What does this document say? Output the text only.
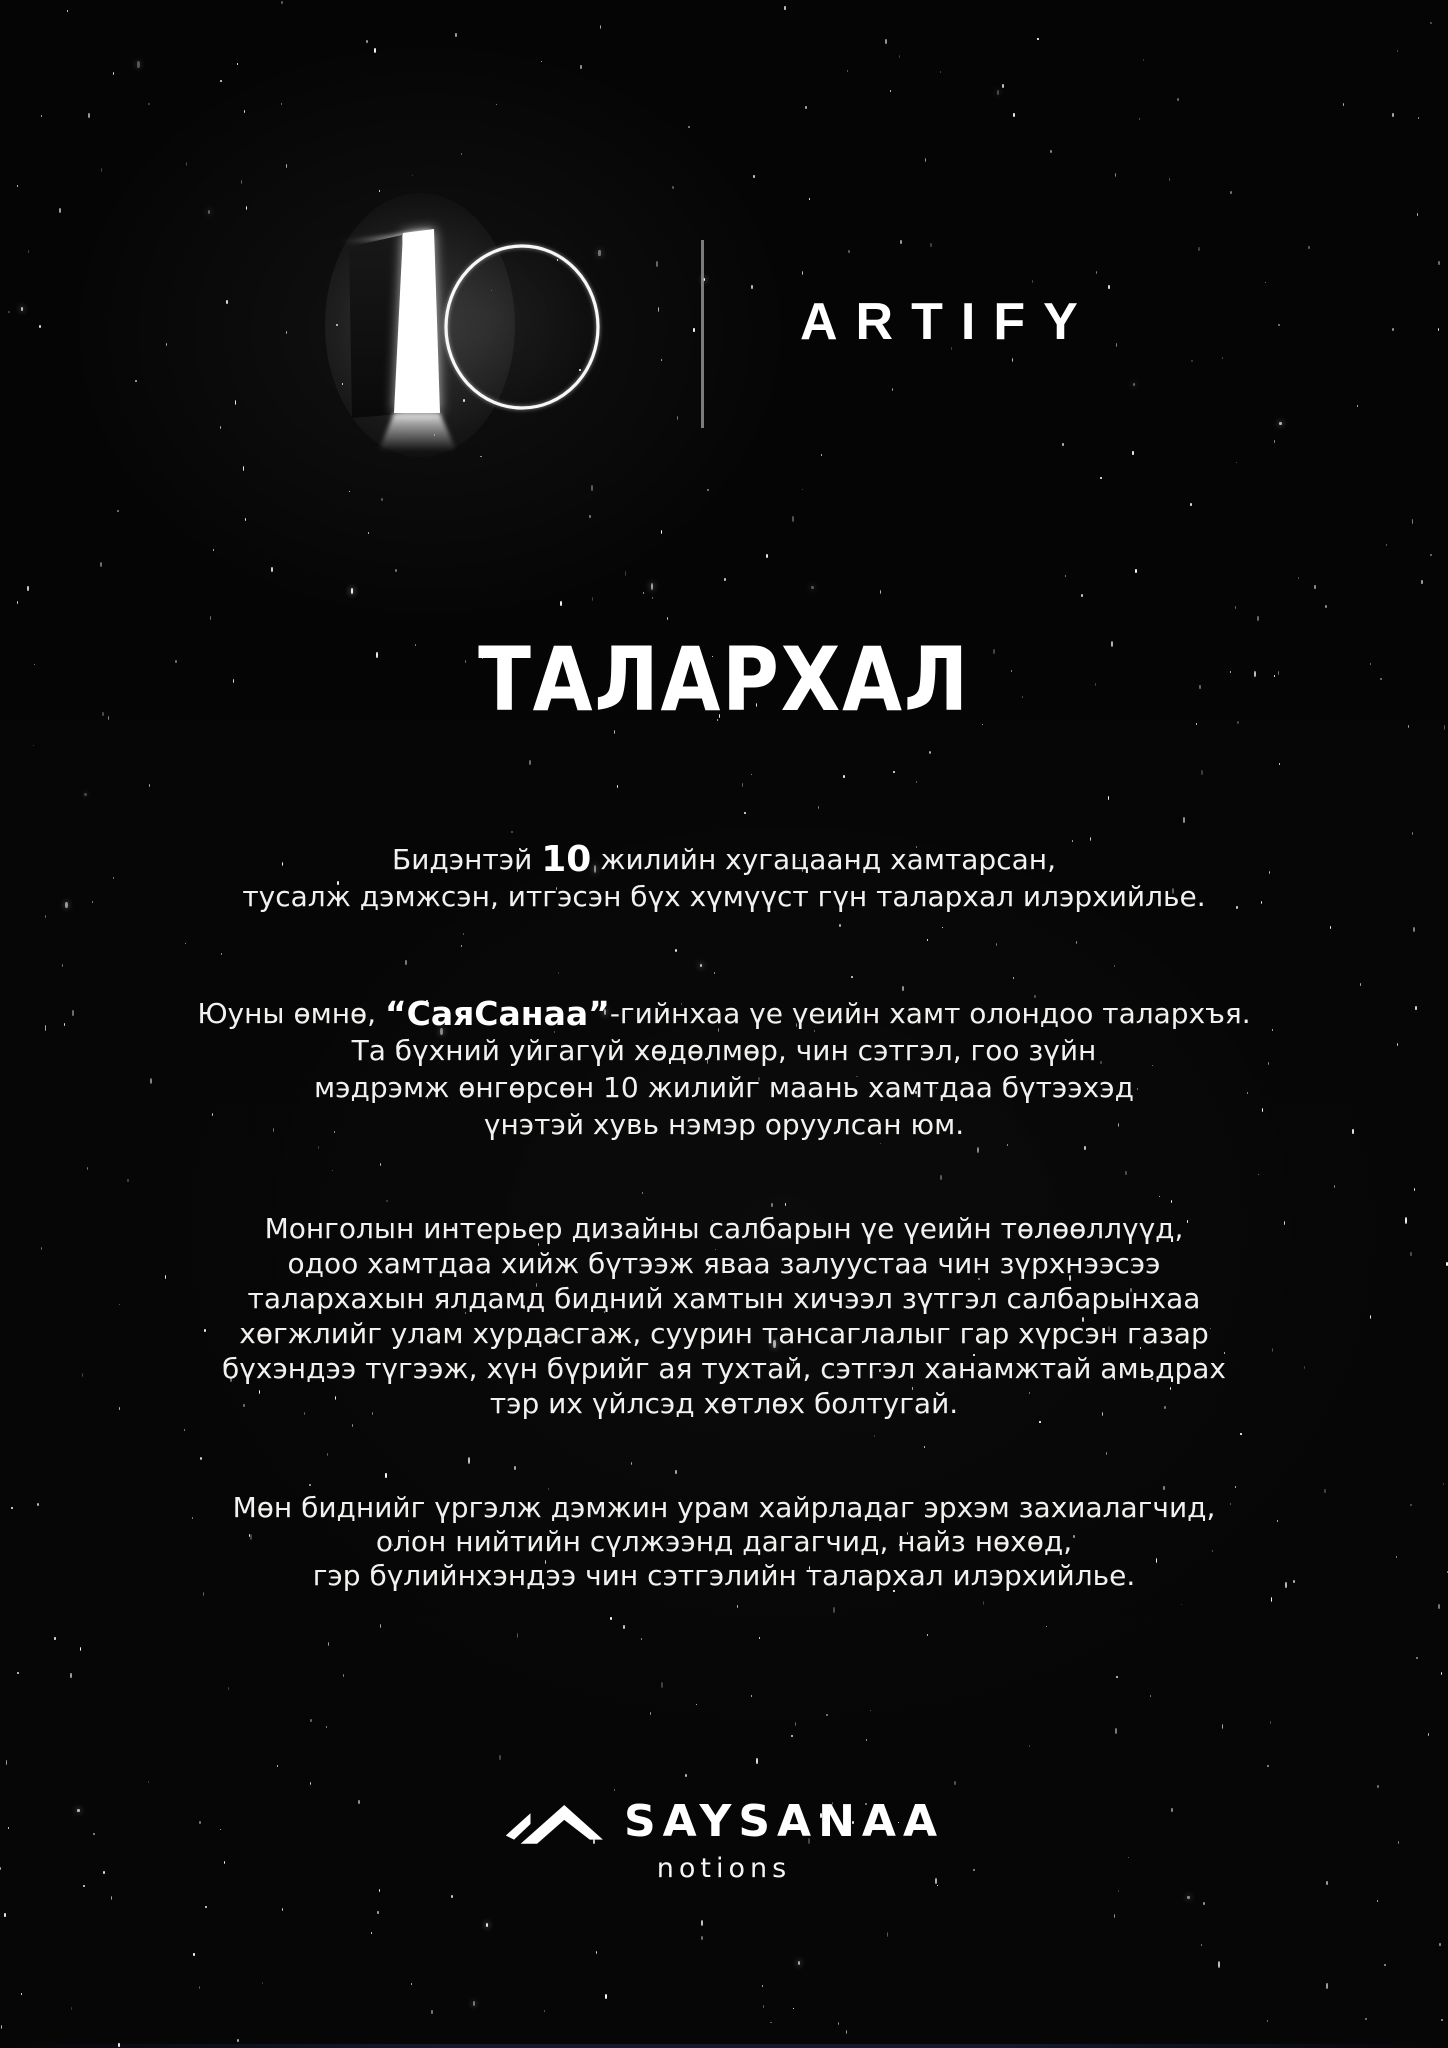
ARTIFY
ТАЛАРХАЛ
Бидэнтэй 10 жилийн хугацаанд хамтарсан,
тусалж дэмжсэн, итгэсэн бүх хүмүүст гүн талархал илэрхийлье.
Юуны өмнө, “СаяСанаа”-гийнхаа үе үеийн хамт олондоо талархъя.
Та бүхний уйгагүй хөдөлмөр, чин сэтгэл, гоо зүйн
мэдрэмж өнгөрсөн 10 жилийг маань хамтдаа бүтээхэд
үнэтэй хувь нэмэр оруулсан юм.
Монголын интерьер дизайны салбарын үе үеийн төлөөллүүд,
одоо хамтдаа хийж бүтээж яваа залуустаа чин зүрхнээсээ
талархахын ялдамд бидний хамтын хичээл зүтгэл салбарынхаа
хөгжлийг улам хурдасгаж, суурин тансаглалыг гар хүрсэн газар
бүхэндээ түгээж, хүн бүрийг ая тухтай, сэтгэл ханамжтай амьдрах
тэр их үйлсэд хөтлөх болтугай.
Мөн биднийг үргэлж дэмжин урам хайрладаг эрхэм захиалагчид,
олон нийтийн сүлжээнд дагагчид, найз нөхөд,
гэр бүлийнхэндээ чин сэтгэлийн талархал илэрхийлье.
SAYSANAA
notions
